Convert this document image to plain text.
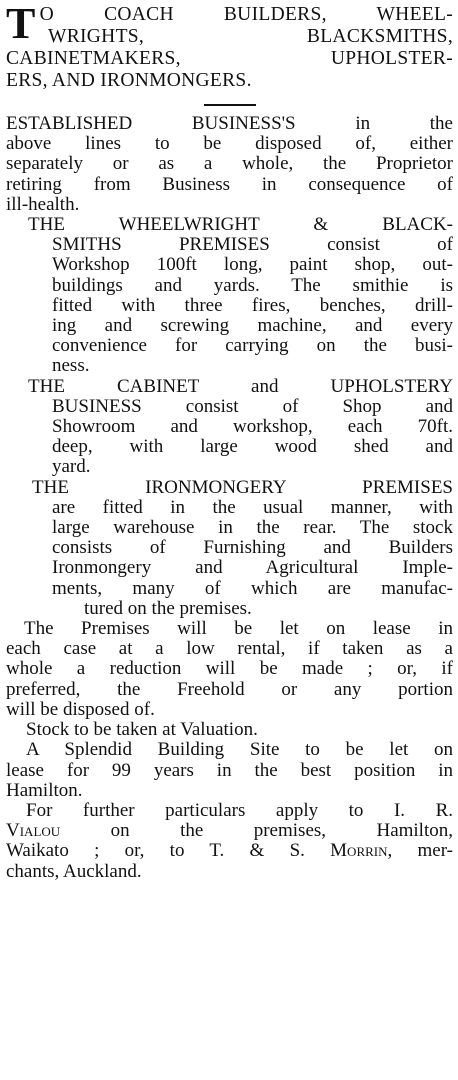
T O COACH BUILDERS, WHEEL-
WRIGHTS, BLACKSMITHS,
CABINETMAKERS, UPHOLSTER-
ERS, AND IRONMONGERS.
ESTABLISHED BUSINESS'S in the
above lines to be disposed of, either
separately or as a whole, the Proprietor
retiring from Business in consequence of
ill-health.
THE WHEELWRIGHT & BLACK-
SMITHS PREMISES consist of
Workshop 100ft long, paint shop, out-
buildings and yards. The smithie is
fitted with three fires, benches, drill-
ing and screwing machine, and every
convenience for carrying on the busi-
ness.
THE CABINET and UPHOLSTERY
BUSINESS consist of Shop and
Showroom and workshop, each 70ft.
deep, with large wood shed and
yard.
THE IRONMONGERY PREMISES
are fitted in the usual manner, with
large warehouse in the rear. The stock
consists of Furnishing and Builders
Ironmongery and Agricultural Imple-
ments, many of which are manufac-
tured on the premises.
The Premises will be let on lease in
each case at a low rental, if taken as a
whole a reduction will be made ; or, if
preferred, the Freehold or any portion
will be disposed of.
Stock to be taken at Valuation.
A Splendid Building Site to be let on
lease for 99 years in the best position in
Hamilton.
For further particulars apply to I. R.
Vialou on the premises, Hamilton,
Waikato ; or, to T. & S. Morrin, mer-
chants, Auckland.
